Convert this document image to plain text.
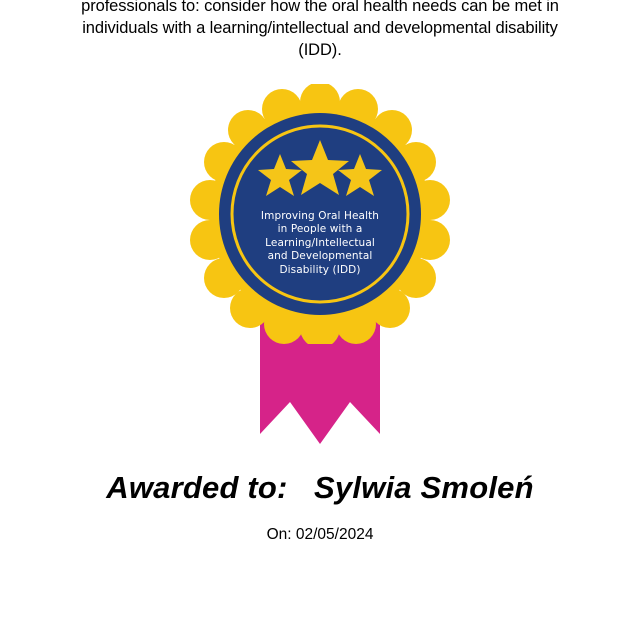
professionals to: consider how the oral health needs can be met in
individuals with a learning/intellectual and developmental disability
(IDD).
Improving Oral Health
in People with a
Learning/Intellectual
and Developmental
Disability (IDD)
Awarded to: Sylwia Smoleń
On: 02/05/2024
